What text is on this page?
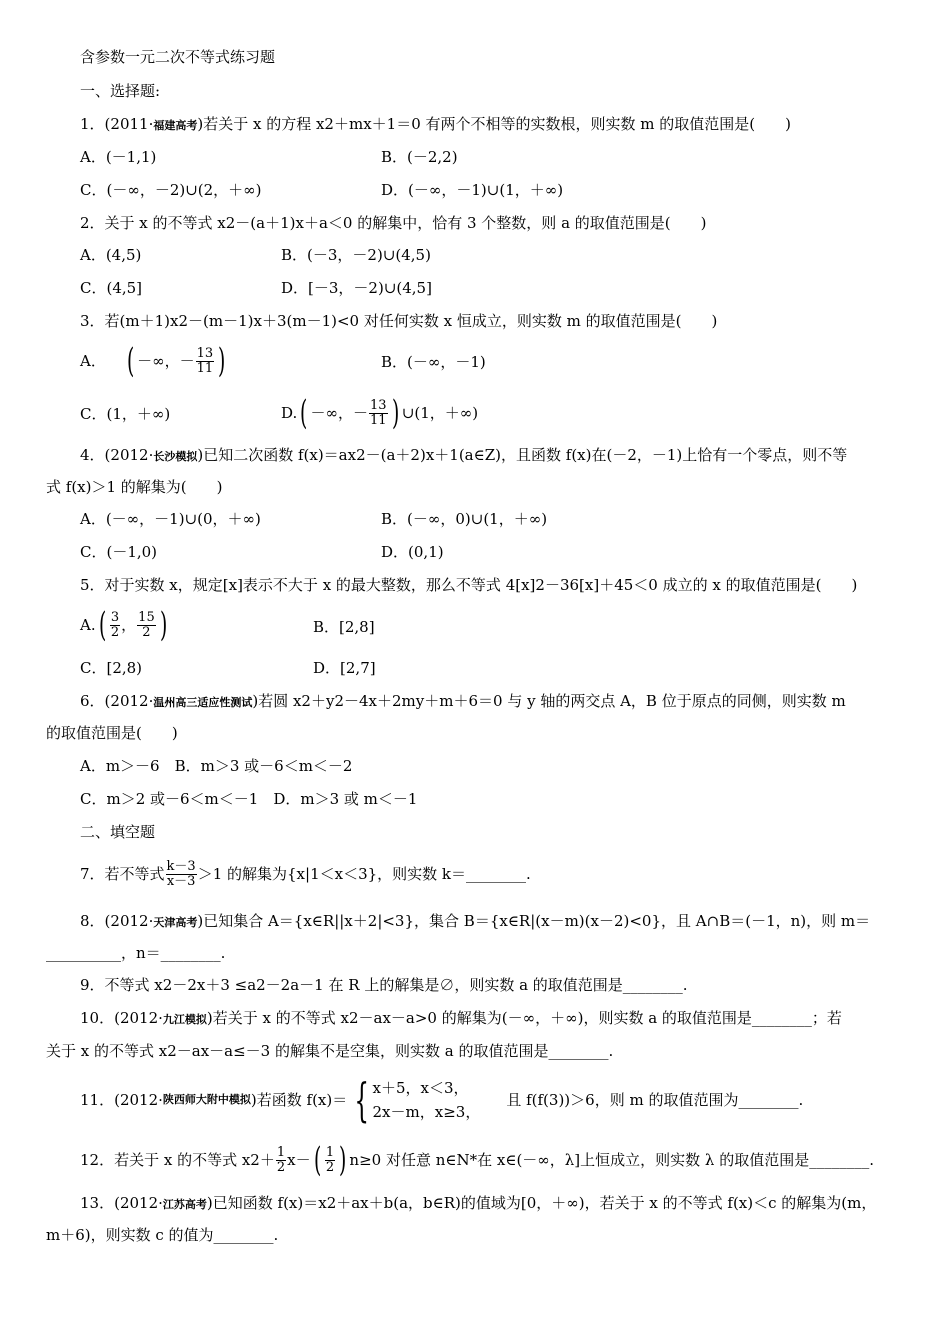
含参数一元二次不等式练习题
一、选择题:
1．(2011·福建高考)若关于 x 的方程 x2＋mx＋1＝0 有两个不相等的实数根，则实数 m 的取值范围是(　　)
A．(－1,1)	B．(－2,2)
C．(－∞，－2)∪(2，＋∞)	D．(－∞，－1)∪(1，＋∞)
2．关于 x 的不等式 x2－(a＋1)x＋a＜0 的解集中，恰有 3 个整数，则 a 的取值范围是(　　)
A．(4,5)	B．(－3，－2)∪(4,5)
C．(4,5]	D．[－3，－2)∪(4,5]
3．若(m＋1)x2－(m－1)x＋3(m－1)<0 对任何实数 x 恒成立，则实数 m 的取值范围是(　　)
A． ( －∞，－ $\frac{13}{11}$ )	B．(－∞，－1)
C．(1，＋∞)	D. ( －∞，－ $\frac{13}{11}$ ) ∪(1，＋∞)
4．(2012·长沙模拟)已知二次函数 f(x)＝ax2－(a＋2)x＋1(a∈Z)，且函数 f(x)在(－2，－1)上恰有一个零点，则不等
式 f(x)＞1 的解集为(　　)
A．(－∞，－1)∪(0，＋∞)	B．(－∞，0)∪(1，＋∞)
C．(－1,0)	D．(0,1)
5．对于实数 x，规定[x]表示不大于 x 的最大整数，那么不等式 4[x]2－36[x]＋45＜0 成立的 x 的取值范围是(　　)
A. ( $\frac{3}{2}$ ， $\frac{15}{2}$ )	B．[2,8]
C．[2,8)	D．[2,7]
6．(2012·温州高三适应性测试)若圆 x2＋y2－4x＋2my＋m＋6＝0 与 y 轴的两交点 A，B 位于原点的同侧，则实数 m
的取值范围是(　　)
A．m＞－6　B．m＞3 或－6＜m＜－2
C．m＞2 或－6＜m＜－1　D．m＞3 或 m＜－1
二、填空题
7．若不等式 $\frac{k-3}{x-3} >1$ 的解集为{x|1＜x＜3}，则实数 k＝________.
8．(2012·天津高考)已知集合 A＝{x∈R||x＋2|<3}，集合 B＝{x∈R|(x－m)(x－2)<0}，且 A∩B＝(－1，n)，则 m＝
__________，n＝________.
9．不等式 x2－2x＋3 ≤a2－2a－1 在 R 上的解集是∅，则实数 a 的取值范围是________.
10．(2012·九江模拟)若关于 x 的不等式 x2－ax－a>0 的解集为(－∞，＋∞)，则实数 a 的取值范围是________；若
关于 x 的不等式 x2－ax－a≤－3 的解集不是空集，则实数 a 的取值范围是________.
11．(2012· 陕西师大附中模拟 ) 若函数 f(x)＝ { x＋5，x＜3，
2x－m，x≥3，
且 f(f(3))＞6，则 m 的取值范围为________.
12．若关于 x 的不等式 $x2+ \frac{1}{2} x-$ ( $\frac{1}{2}$ ) n≥0 对任意 n∈N*在 x∈(－∞，λ]上恒成立，则实数 λ 的取值范围是________.
13．(2012·江苏高考)已知函数 f(x)＝x2＋ax＋b(a，b∈R)的值域为[0，＋∞)，若关于 x 的不等式 f(x)＜c 的解集为(m，
m＋6)，则实数 c 的值为________.
